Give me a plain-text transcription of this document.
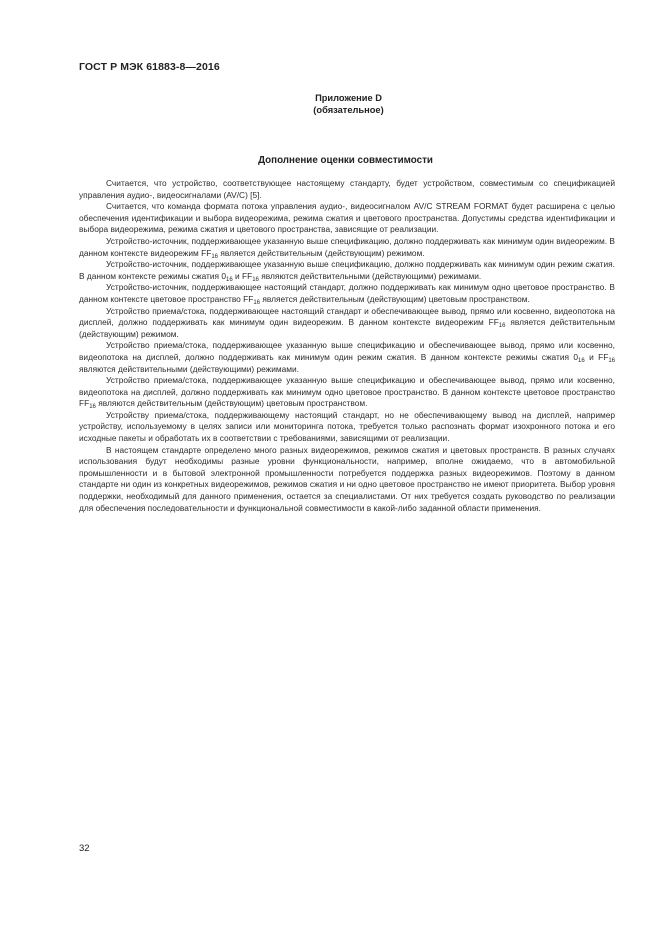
ГОСТ Р МЭК 61883-8—2016
Приложение D
(обязательное)
Дополнение оценки совместимости

Считается, что устройство, соответствующее настоящему стандарту, будет устройством, совместимым со спецификацией управления аудио-, видеосигналами (AV/C) [5].

Считается, что команда формата потока управления аудио-, видеосигналом AV/C STREAM FORMAT будет расширена с целью обеспечения идентификации и выбора видеорежима, режима сжатия и цветового пространства. Допустимы средства идентификации и выбора видеорежима, режима сжатия и цветового пространства, зависящие от реализации.

Устройство-источник, поддерживающее указанную выше спецификацию, должно поддерживать как минимум один видеорежим. В данном контексте видеорежим $FF_{16}$ является действительным (действующим) режимом.

Устройство-источник, поддерживающее указанную выше спецификацию, должно поддерживать как минимум один режим сжатия. В данном контексте режимы сжатия $0_{16}$ и $FF_{16}$ являются действительными (действующими) режимами.

Устройство-источник, поддерживающее настоящий стандарт, должно поддерживать как минимум одно цветовое пространство. В данном контексте цветовое пространство $FF_{16}$ является действительным (действующим) цветовым пространством.

Устройство приема/стока, поддерживающее настоящий стандарт и обеспечивающее вывод, прямо или косвенно, видеопотока на дисплей, должно поддерживать как минимум один видеорежим. В данном контексте видеорежим $FF_{16}$ является действительным (действующим) режимом.

Устройство приема/стока, поддерживающее указанную выше спецификацию и обеспечивающее вывод, прямо или косвенно, видеопотока на дисплей, должно поддерживать как минимум один режим сжатия. В данном контексте режимы сжатия $0_{16}$ и $FF_{16}$ являются действительными (действующими) режимами.

Устройство приема/стока, поддерживающее указанную выше спецификацию и обеспечивающее вывод, прямо или косвенно, видеопотока на дисплей, должно поддерживать как минимум одно цветовое пространство. В данном контексте цветовое пространство $FF_{16}$ являются действительным (действующим) цветовым пространством.

Устройству приема/стока, поддерживающему настоящий стандарт, но не обеспечивающему вывод на дисплей, например устройству, используемому в целях записи или мониторинга потока, требуется только распознать формат изохронного потока и его исходные пакеты и обработать их в соответствии с требованиями, зависящими от реализации.

В настоящем стандарте определено много разных видеорежимов, режимов сжатия и цветовых пространств. В разных случаях использования будут необходимы разные уровни функциональности, например, вполне ожидаемо, что в автомобильной промышленности и в бытовой электронной промышленности потребуется поддержка разных видеорежимов. Поэтому в данном стандарте ни один из конкретных видеорежимов, режимов сжатия и ни одно цветовое пространство не имеют приоритета. Выбор уровня поддержки, необходимый для данного применения, остается за специалистами. От них требуется создать руководство по реализации для обеспечения последовательности и функциональной совместимости в какой-либо заданной области применения.

32
